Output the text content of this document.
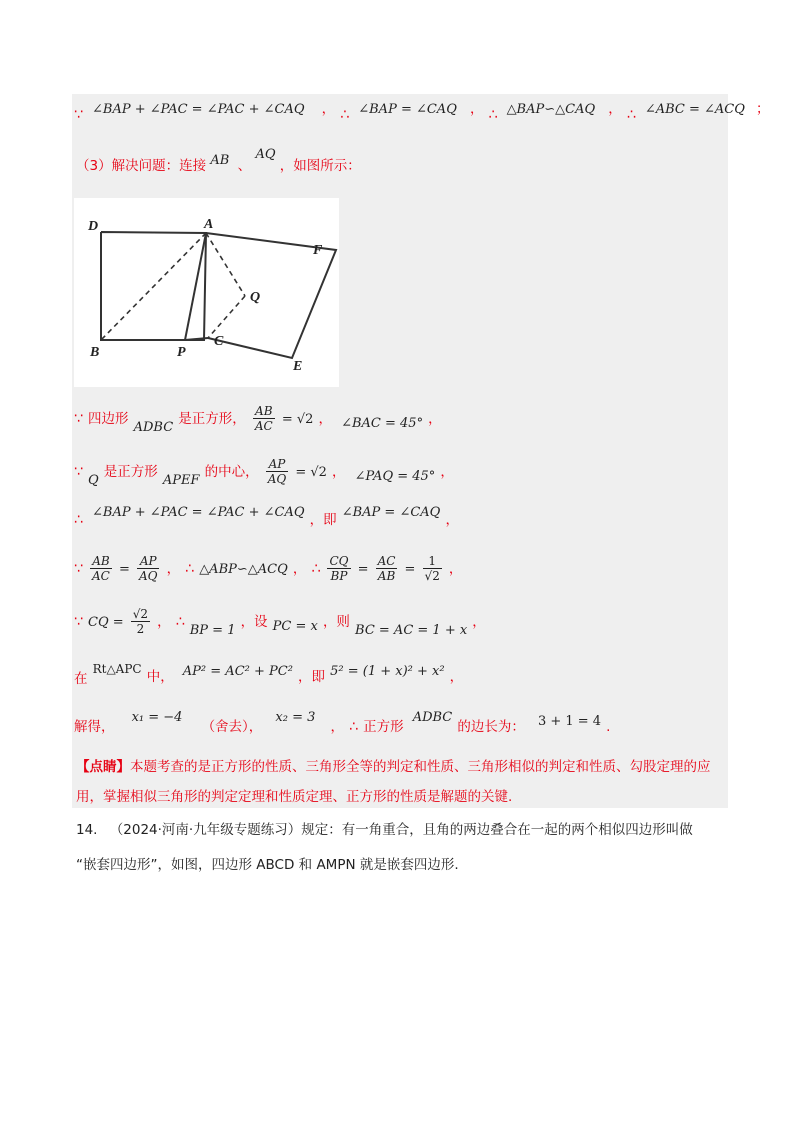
∵ ∠BAP + ∠PAC = ∠PAC + ∠CAQ ， ∴ ∠BAP = ∠CAQ ， ∴ △BAP∽△CAQ ， ∴ ∠ABC = ∠ACQ ；
（3）解决问题：连接 AB 、 AQ ，如图所示：
D	A
F
Q
B	P
C
E
∵ 四边形 $_{ADBC}$ 是正方形， $\frac{AB}{AC} = √2$ ， $_{\angle BAC = 45^\circ}$ ，
∵ $_Q$ 是正方形 $_{APEF}$ 的中心， $\frac{AP}{AQ} = √2$ ， $_{\angle PAQ = 45^\circ}$ ，
∴ ∠BAP + ∠PAC = ∠PAC + ∠CAQ $_{,即}$ ∠BAP = ∠CAQ $_,$
∵ $\frac{AB}{AC} = \frac{AP}{AQ}$ ， ∴ △ABP∽△ACQ ， ∴ $\frac{CQ}{BP} = \frac{AC}{AB} = \frac{1}{√2}$ ，
∵ CQ = $\frac{√2}{2}$ ， ∴ $_{BP = 1}$ ，设 $_{PC = x}$ ，则 $_{BC = AC = 1 + x}$ ，
$_在$ Rt△APC $_{中,}$ AP² = AC² + PC² $_{,即}$ 5² = (1 + x)² + x² $_,$
$_{解得,}$ x₁ = −4 $_{(舍去),}$ x₂ = 3 $_,$ ∴ $_{正方形}$ ADBC $_{的边长为:}$ $_{3 + 1 = 4}$ $_.$
【点睛】本题考查的是正方形的性质、三角形全等的判定和性质、三角形相似的判定和性质、勾股定理的应用，掌握相似三角形的判定定理和性质定理、正方形的性质是解题的关键.
14. （2024·河南·九年级专题练习）规定：有一角重合，且角的两边叠合在一起的两个相似四边形叫做
“嵌套四边形”，如图，四边形 ABCD 和 AMPN 就是嵌套四边形.
